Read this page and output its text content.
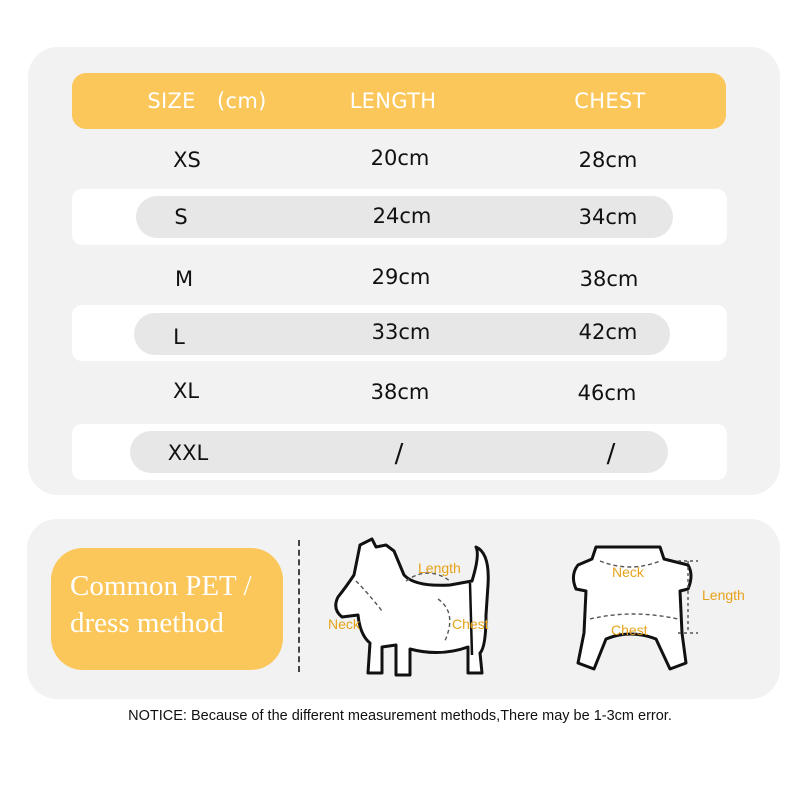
SIZE　(cm)	LENGTH	CHEST
XS	20cm	28cm
S	24cm	34cm
M	29cm	38cm
L	33cm	42cm
XL	38cm	46cm
XXL	/	/
Common PET /
dress method
Length
Neck	Chest
Neck
Length
Chest
NOTICE: Because of the different measurement methods,There may be 1-3cm error.
